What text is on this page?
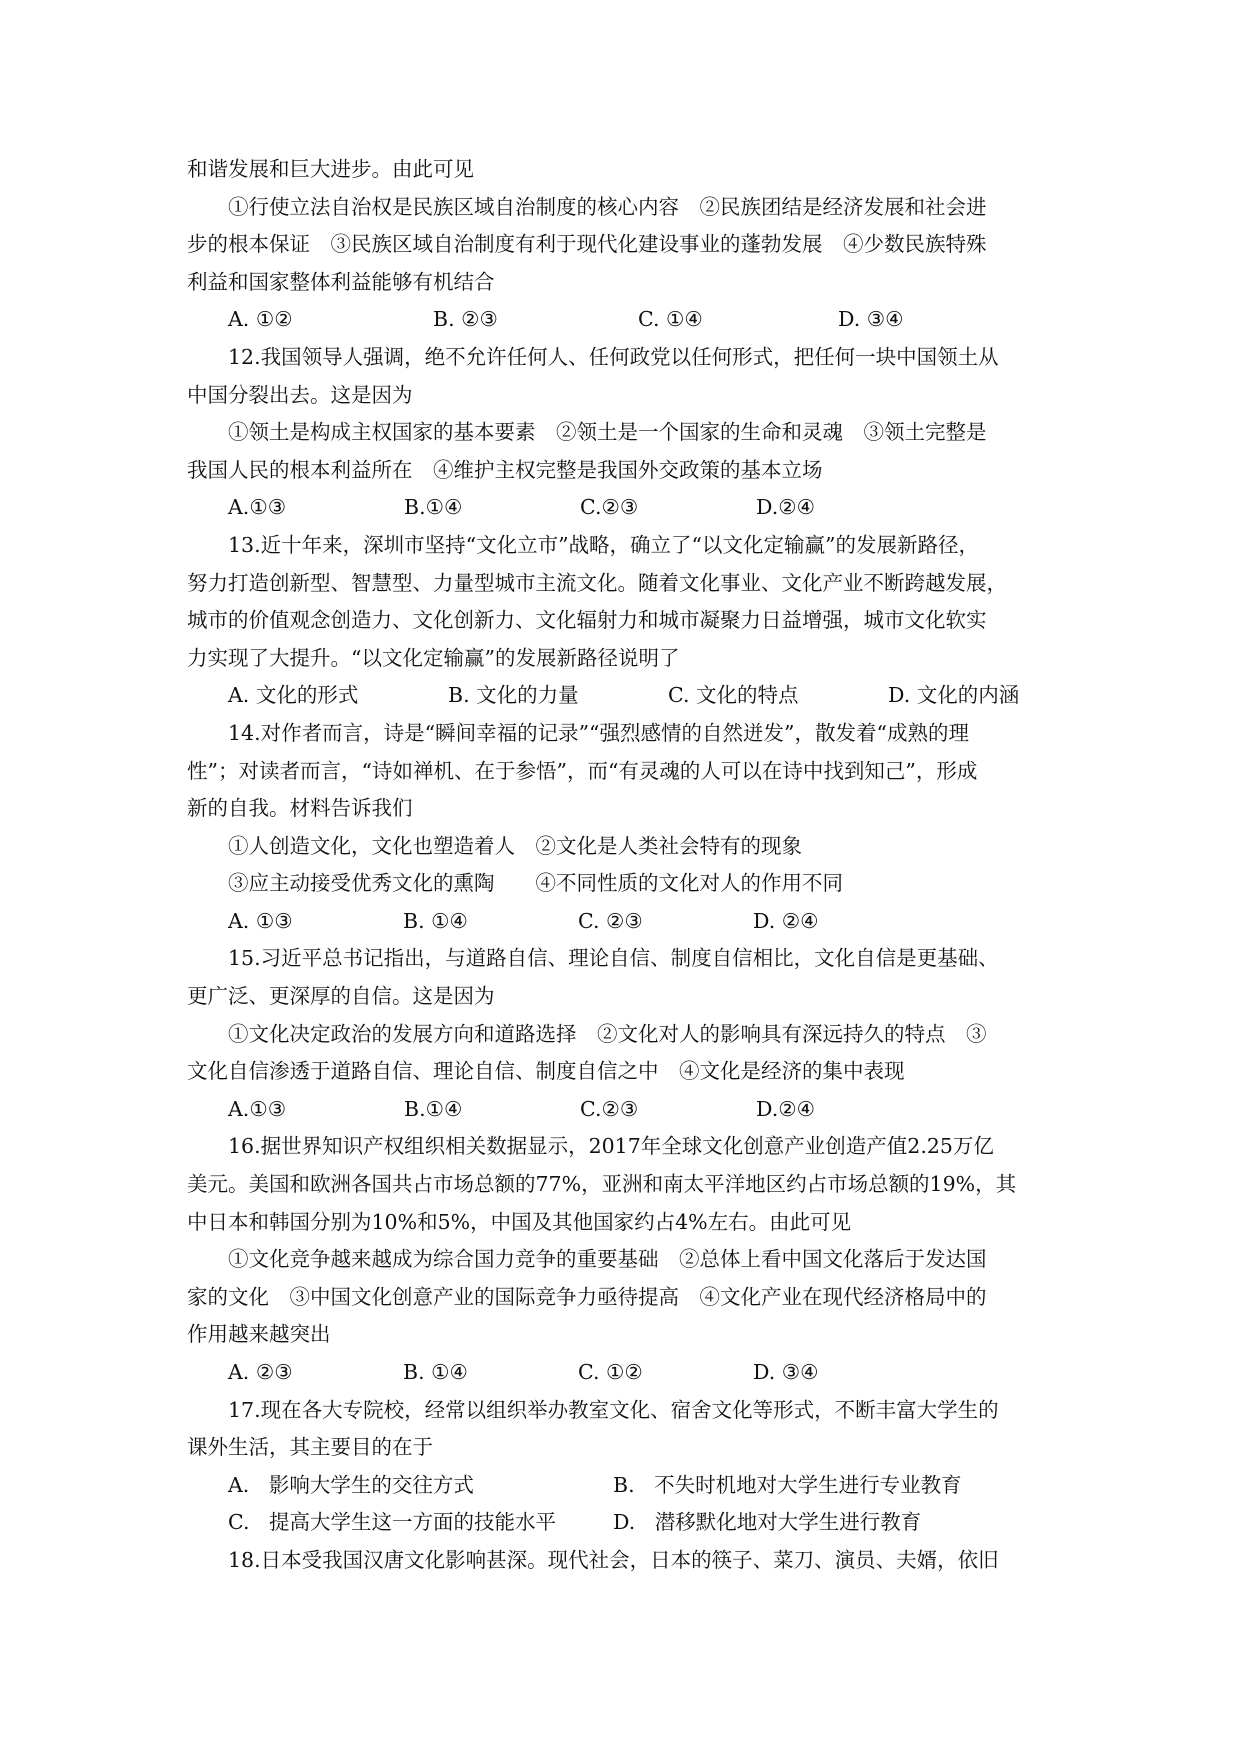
和谐发展和巨大进步。由此可见
①行使立法自治权是民族区域自治制度的核心内容　②民族团结是经济发展和社会进
步的根本保证　③民族区域自治制度有利于现代化建设事业的蓬勃发展　④少数民族特殊
利益和国家整体利益能够有机结合
A. ①②	B. ②③	C. ①④	D. ③④
12.我国领导人强调，绝不允许任何人、任何政党以任何形式，把任何一块中国领土从
中国分裂出去。这是因为
①领土是构成主权国家的基本要素　②领土是一个国家的生命和灵魂　③领土完整是
我国人民的根本利益所在　④维护主权完整是我国外交政策的基本立场
A.①③	B.①④	C.②③	D.②④
13.近十年来，深圳市坚持“文化立市”战略，确立了“以文化定输赢”的发展新路径，
努力打造创新型、智慧型、力量型城市主流文化。随着文化事业、文化产业不断跨越发展，
城市的价值观念创造力、文化创新力、文化辐射力和城市凝聚力日益增强，城市文化软实
力实现了大提升。“以文化定输赢”的发展新路径说明了
A. 文化的形式	B. 文化的力量	C. 文化的特点	D. 文化的内涵
14.对作者而言，诗是“瞬间幸福的记录”“强烈感情的自然迸发”，散发着“成熟的理
性”；对读者而言，“诗如禅机、在于参悟”，而“有灵魂的人可以在诗中找到知己”，形成
新的自我。材料告诉我们
①人创造文化，文化也塑造着人　②文化是人类社会特有的现象
③应主动接受优秀文化的熏陶　　④不同性质的文化对人的作用不同
A. ①③	B. ①④	C. ②③	D. ②④
15.习近平总书记指出，与道路自信、理论自信、制度自信相比，文化自信是更基础、
更广泛、更深厚的自信。这是因为
①文化决定政治的发展方向和道路选择　②文化对人的影响具有深远持久的特点　③
文化自信渗透于道路自信、理论自信、制度自信之中　④文化是经济的集中表现
A.①③	B.①④	C.②③	D.②④
16.据世界知识产权组织相关数据显示，2017年全球文化创意产业创造产值2.25万亿
美元。美国和欧洲各国共占市场总额的77%，亚洲和南太平洋地区约占市场总额的19%，其
中日本和韩国分别为10%和5%，中国及其他国家约占4%左右。由此可见
①文化竞争越来越成为综合国力竞争的重要基础　②总体上看中国文化落后于发达国
家的文化　③中国文化创意产业的国际竞争力亟待提高　④文化产业在现代经济格局中的
作用越来越突出
A. ②③	B. ①④	C. ①②	D. ③④
17.现在各大专院校，经常以组织举办教室文化、宿舍文化等形式，不断丰富大学生的
课外生活，其主要目的在于
A.   影响大学生的交往方式	B.   不失时机地对大学生进行专业教育
C.   提高大学生这一方面的技能水平	D.   潜移默化地对大学生进行教育
18.日本受我国汉唐文化影响甚深。现代社会，日本的筷子、菜刀、演员、夫婿，依旧
